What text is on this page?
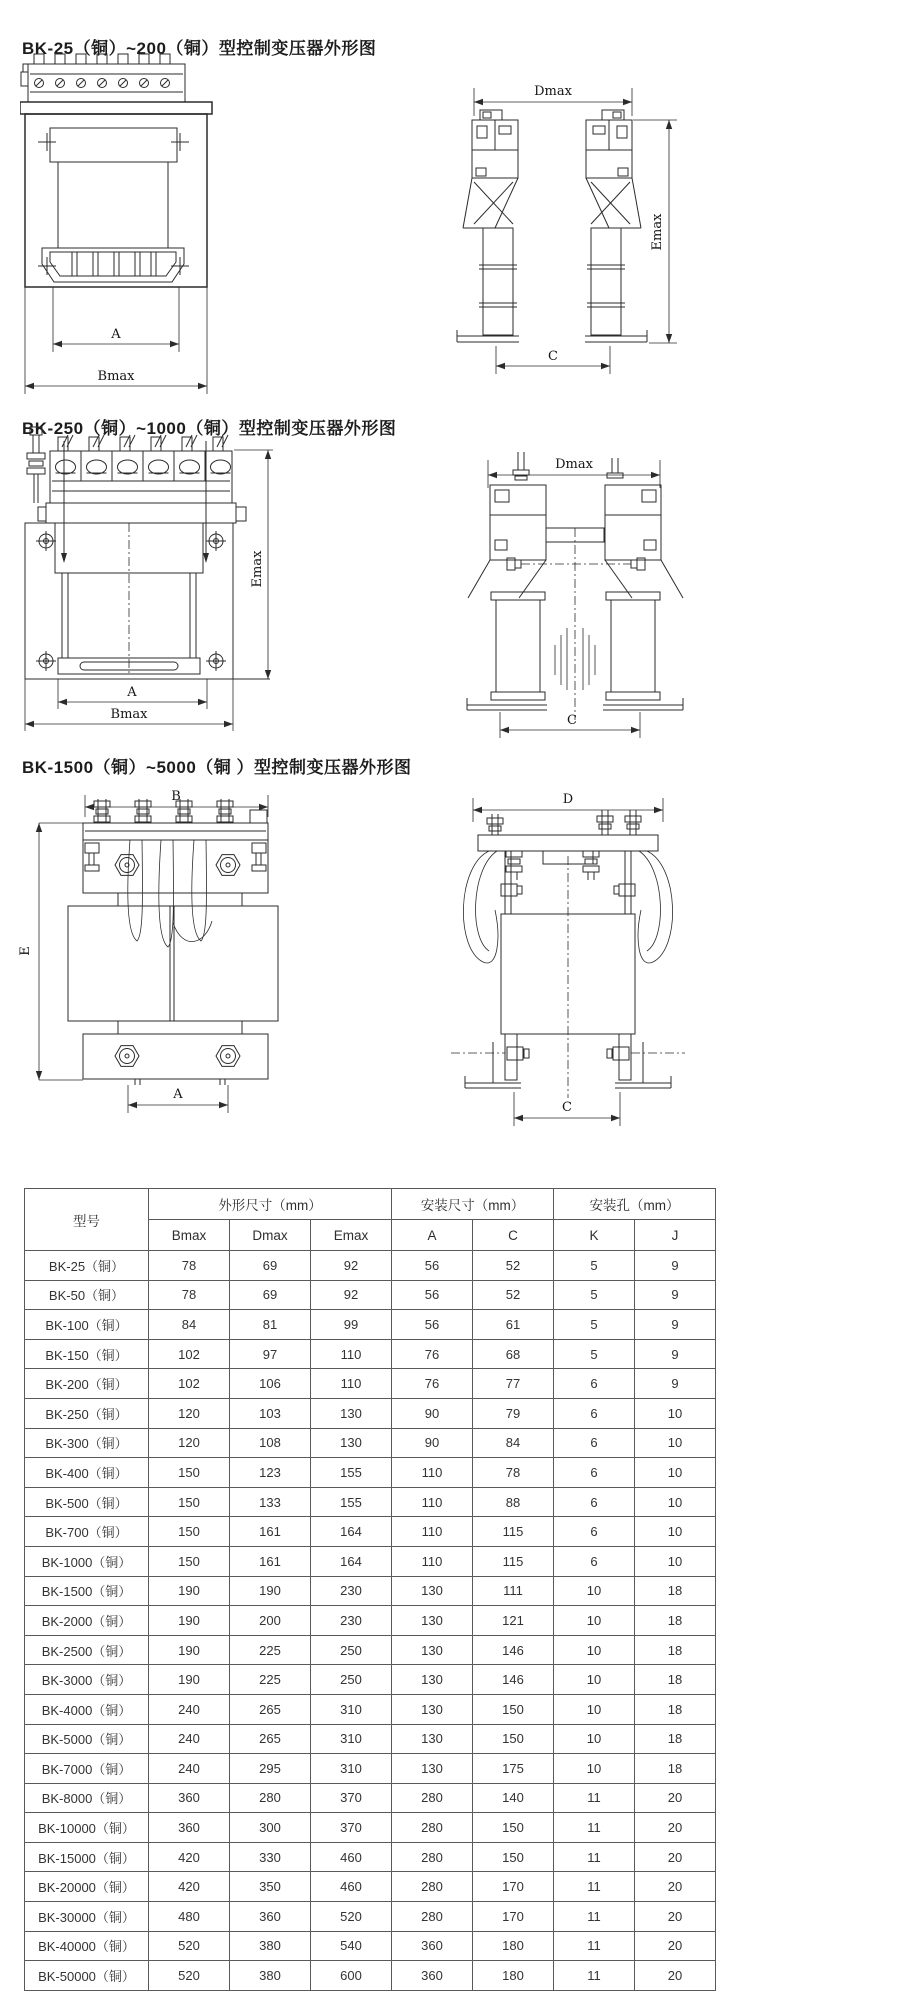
BK-25（铜）~200（铜）型控制变压器外形图
BK-250（铜）~1000（铜）型控制变压器外形图
BK-1500（铜）~5000（铜 ）型控制变压器外形图
A
Bmax
Dmax
Emax
C
Emax
A
Bmax
Dmax
C
B
E
A
D
C
型号	外形尺寸（mm）			安装尺寸（mm）		安装孔（mm）	
	Bmax	Dmax	Emax	A	C	K	J
BK-25（铜）	78	69	92	56	52	5	9
BK-50（铜）	78	69	92	56	52	5	9
BK-100（铜）	84	81	99	56	61	5	9
BK-150（铜）	102	97	110	76	68	5	9
BK-200（铜）	102	106	110	76	77	6	9
BK-250（铜）	120	103	130	90	79	6	10
BK-300（铜）	120	108	130	90	84	6	10
BK-400（铜）	150	123	155	110	78	6	10
BK-500（铜）	150	133	155	110	88	6	10
BK-700（铜）	150	161	164	110	115	6	10
BK-1000（铜）	150	161	164	110	115	6	10
BK-1500（铜）	190	190	230	130	111	10	18
BK-2000（铜）	190	200	230	130	121	10	18
BK-2500（铜）	190	225	250	130	146	10	18
BK-3000（铜）	190	225	250	130	146	10	18
BK-4000（铜）	240	265	310	130	150	10	18
BK-5000（铜）	240	265	310	130	150	10	18
BK-7000（铜）	240	295	310	130	175	10	18
BK-8000（铜）	360	280	370	280	140	11	20
BK-10000（铜）	360	300	370	280	150	11	20
BK-15000（铜）	420	330	460	280	150	11	20
BK-20000（铜）	420	350	460	280	170	11	20
BK-30000（铜）	480	360	520	280	170	11	20
BK-40000（铜）	520	380	540	360	180	11	20
BK-50000（铜）	520	380	600	360	180	11	20
